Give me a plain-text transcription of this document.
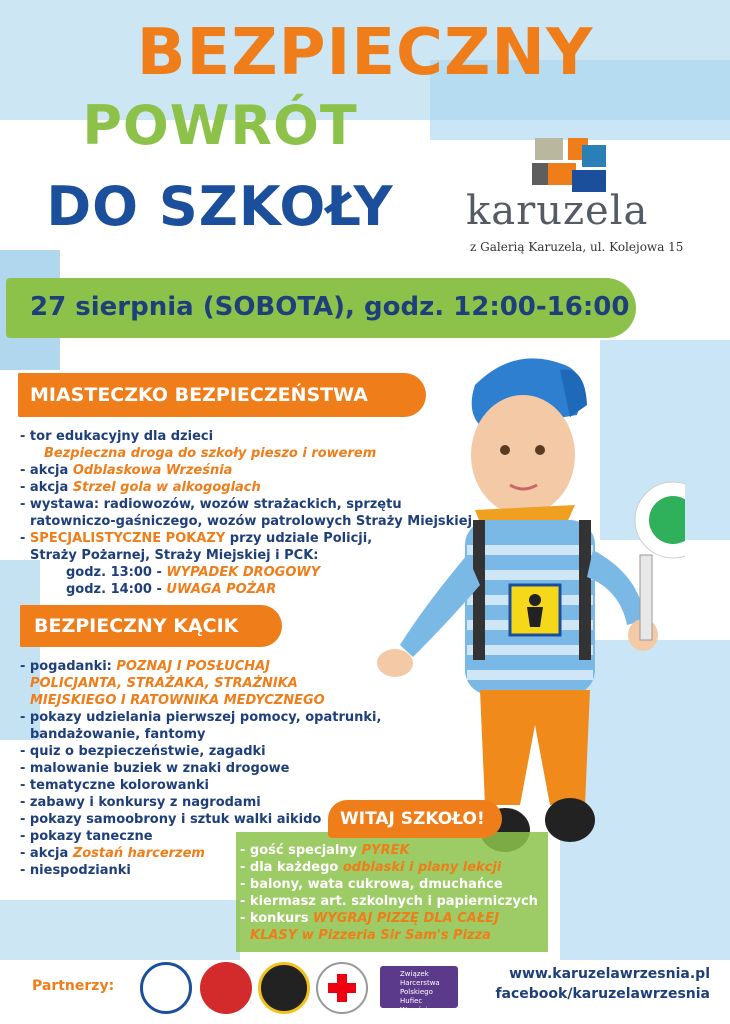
BEZPIECZNY
POWRÓT
DO SZKOŁY	karuzela
z Galerią Karuzela, ul. Kolejowa 15
27 sierpnia (SOBOTA), godz. 12:00-16:00
MIASTECZKO BEZPIECZEŃSTWA
- tor edukacyjny dla dzieci
Bezpieczna droga do szkoły pieszo i rowerem
- akcja Odblaskowa Września
- akcja Strzel gola w alkogoglach
- wystawa: radiowozów, wozów strażackich, sprzętu
ratowniczo-gaśniczego, wozów patrolowych Straży Miejskiej
- SPECJALISTYCZNE POKAZY przy udziale Policji,
Straży Pożarnej, Straży Miejskiej i PCK:
godz. 13:00 - WYPADEK DROGOWY
godz. 14:00 - UWAGA POŻAR
BEZPIECZNY KĄCIK
- pogadanki: POZNAJ I POSŁUCHAJ
POLICJANTA, STRAŻAKA, STRAŻNIKA
MIEJSKIEGO I RATOWNIKA MEDYCZNEGO
- pokazy udzielania pierwszej pomocy, opatrunki,
bandażowanie, fantomy
- quiz o bezpieczeństwie, zagadki
- malowanie buziek w znaki drogowe
- tematyczne kolorowanki
- zabawy i konkursy z nagrodami
- pokazy samoobrony i sztuk walki aikido
- pokazy taneczne
- akcja Zostań harcerzem
- niespodzianki
WITAJ SZKOŁO!
- gość specjalny PYREK
- dla każdego odblaski i plany lekcji
- balony, wata cukrowa, dmuchańce
- kiermasz art. szkolnych i papierniczych
- konkurs WYGRAJ PIZZĘ DLA CAŁEJ
KLASY w Pizzeria Sir Sam's Pizza
Partnerzy:
Związek Harcerstwa Polskiego Hufiec Września
www.karuzelawrzesnia.pl
facebook/karuzelawrzesnia
